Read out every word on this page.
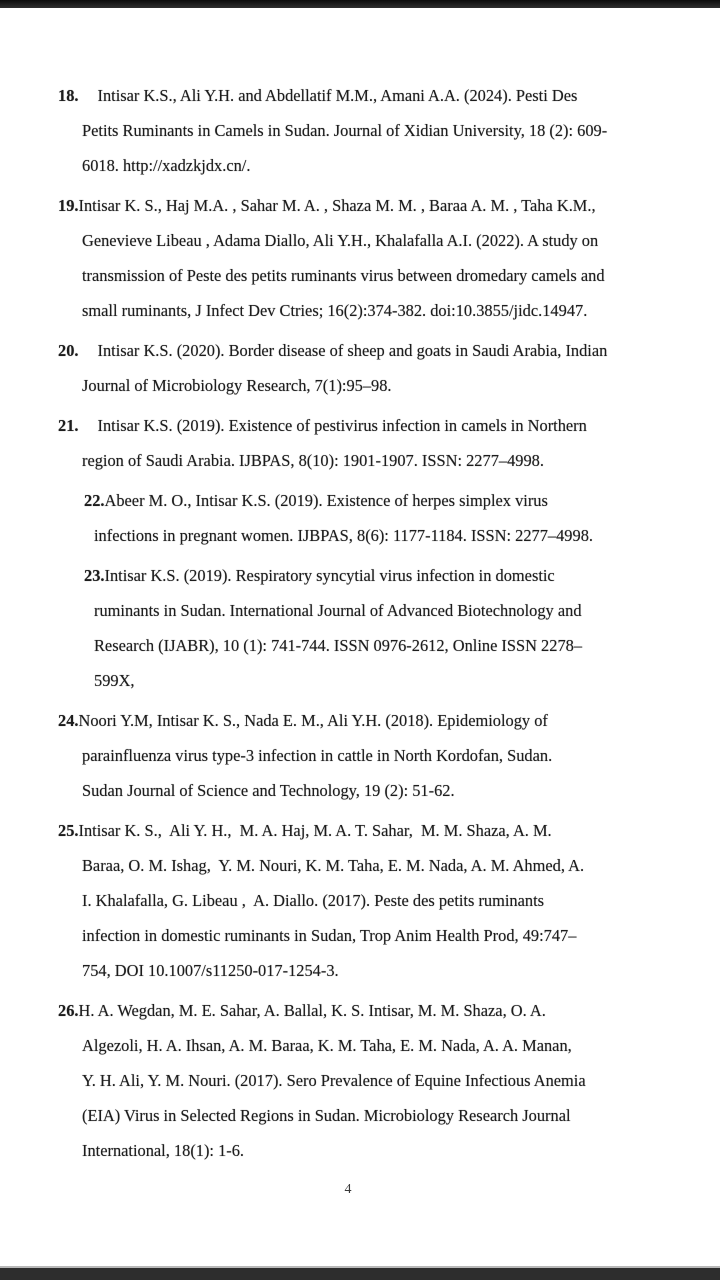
18. Intisar K.S., Ali Y.H. and Abdellatif M.M., Amani A.A. (2024). Pesti Des
Petits Ruminants in Camels in Sudan. Journal of Xidian University, 18 (2): 609-
6018. http://xadzkjdx.cn/.
19.Intisar K. S., Haj M.A. , Sahar M. A. , Shaza M. M. , Baraa A. M. , Taha K.M.,
Genevieve Libeau , Adama Diallo, Ali Y.H., Khalafalla A.I. (2022). A study on
transmission of Peste des petits ruminants virus between dromedary camels and
small ruminants, J Infect Dev Ctries; 16(2):374-382. doi:10.3855/jidc.14947.
20. Intisar K.S. (2020). Border disease of sheep and goats in Saudi Arabia, Indian
Journal of Microbiology Research, 7(1):95–98.
21. Intisar K.S. (2019). Existence of pestivirus infection in camels in Northern
region of Saudi Arabia. IJBPAS, 8(10): 1901-1907. ISSN: 2277–4998.
22.Abeer M. O., Intisar K.S. (2019). Existence of herpes simplex virus
infections in pregnant women. IJBPAS, 8(6): 1177-1184. ISSN: 2277–4998.
23.Intisar K.S. (2019). Respiratory syncytial virus infection in domestic
ruminants in Sudan. International Journal of Advanced Biotechnology and
Research (IJABR), 10 (1): 741-744. ISSN 0976-2612, Online ISSN 2278–
599X,
24.Noori Y.M, Intisar K. S., Nada E. M., Ali Y.H. (2018). Epidemiology of
parainfluenza virus type-3 infection in cattle in North Kordofan, Sudan.
Sudan Journal of Science and Technology, 19 (2): 51-62.
25.Intisar K. S.,  Ali Y. H.,  M. A. Haj, M. A. T. Sahar,  M. M. Shaza, A. M.
Baraa, O. M. Ishag,  Y. M. Nouri, K. M. Taha, E. M. Nada, A. M. Ahmed, A.
I. Khalafalla, G. Libeau ,  A. Diallo. (2017). Peste des petits ruminants
infection in domestic ruminants in Sudan, Trop Anim Health Prod, 49:747–
754, DOI 10.1007/s11250-017-1254-3.
26.H. A. Wegdan, M. E. Sahar, A. Ballal, K. S. Intisar, M. M. Shaza, O. A.
Algezoli, H. A. Ihsan, A. M. Baraa, K. M. Taha, E. M. Nada, A. A. Manan,
Y. H. Ali, Y. M. Nouri. (2017). Sero Prevalence of Equine Infectious Anemia
(EIA) Virus in Selected Regions in Sudan. Microbiology Research Journal
International, 18(1): 1-6.
4
